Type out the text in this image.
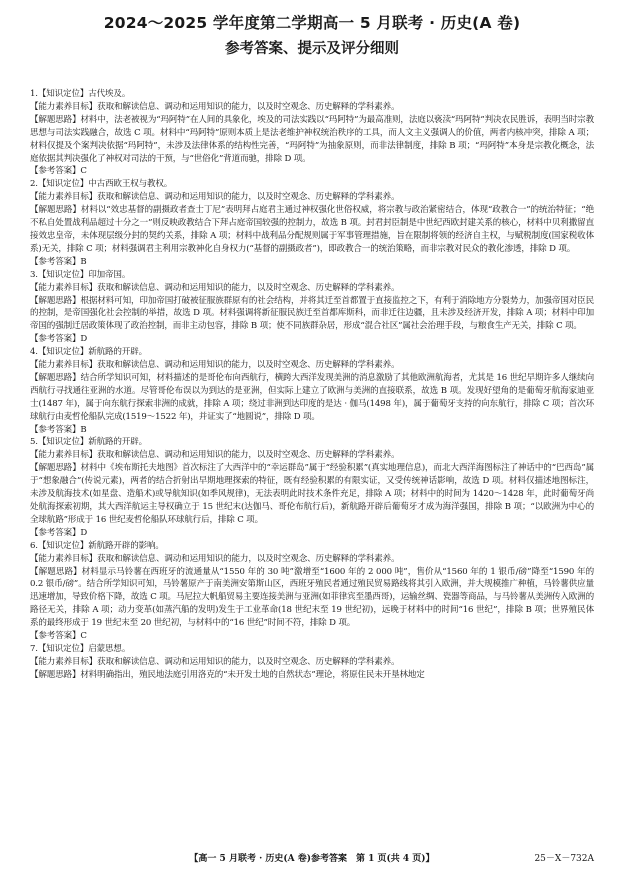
2024～2025 学年度第二学期高一 5 月联考 · 历史(A 卷)
参考答案、提示及评分细则

1.【知识定位】古代埃及。

【能力素养目标】获取和解读信息、调动和运用知识的能力，以及时空观念、历史解释的学科素养。

【解题思路】材料中，法老被视为“玛阿特”在人间的具象化，埃及的司法实践以“玛阿特”为最高准则，法庭以亵渎“玛阿特”判决农民胜诉，表明当时宗教思想与司法实践融合，故选 C 项。材料中“玛阿特”原则本质上是法老维护神权统治秩序的工具，而人文主义强调人的价值，两者内核冲突，排除 A 项；材料仅提及个案判决依据“玛阿特”，未涉及法律体系的结构性完善，“玛阿特”为抽象原则，而非法律制度，排除 B 项；“玛阿特”本身是宗教化概念，法庭依据其判决强化了神权对司法的干预，与“世俗化”背道而驰，排除 D 项。

【参考答案】C

2.【知识定位】中古西欧王权与教权。

【能力素养目标】获取和解读信息、调动和运用知识的能力，以及时空观念、历史解释的学科素养。

【解题思路】材料以“效忠基督的副摄政者查士丁尼”表明拜占庭君主通过神权强化世俗权威，将宗教与政治紧密结合，体现“政教合一”的统治特征；“绝不私自处置战利品超过十分之一”则反映政教结合下拜占庭帝国较强的控制力，故选 B 项。封君封臣制是中世纪西欧封建关系的核心，材料中贝利撒留直接效忠皇帝，未体现层级分封的契约关系，排除 A 项；材料中战利品分配规则属于军事管理措施，旨在限制将领的经济自主权，与赋税制度(国家税收体系)无关，排除 C 项；材料强调君主利用宗教神化自身权力(“基督的副摄政者”)，即政教合一的统治策略，而非宗教对民众的教化渗透，排除 D 项。

【参考答案】B

3.【知识定位】印加帝国。

【能力素养目标】获取和解读信息、调动和运用知识的能力，以及时空观念、历史解释的学科素养。

【解题思路】根据材料可知，印加帝国打破被征服族群原有的社会结构，并将其迁至首都置于直接监控之下，有利于消除地方分裂势力，加强帝国对臣民的控制，是帝国强化社会控制的举措，故选 D 项。材料强调将新征服民族迁至首都库斯科，而非迁往边疆，且未涉及经济开发，排除 A 项；材料中印加帝国的强制迁居政策体现了政治控制，而非主动包容，排除 B 项；使不同族群杂居，形成“混合社区”属社会治理手段，与粮食生产无关，排除 C 项。

【参考答案】D

4.【知识定位】新航路的开辟。

【能力素养目标】获取和解读信息、调动和运用知识的能力，以及时空观念、历史解释的学科素养。

【解题思路】结合所学知识可知，材料描述的是哥伦布向西航行，横跨大西洋发现美洲的消息激励了其他欧洲航海者，尤其是 16 世纪早期许多人继续向西航行寻找通往亚洲的水道。尽管哥伦布误以为到达的是亚洲，但实际上建立了欧洲与美洲的直接联系，故选 B 项。发现好望角的是葡萄牙航海家迪亚士(1487 年)，属于向东航行探索非洲的成就，排除 A 项；绕过非洲到达印度的是达 · 伽马(1498 年)，属于葡萄牙支持的向东航行，排除 C 项；首次环球航行由麦哲伦船队完成(1519～1522 年)，并证实了“地圆说”，排除 D 项。

【参考答案】B

5.【知识定位】新航路的开辟。

【能力素养目标】获取和解读信息、调动和运用知识的能力，以及时空观念、历史解释的学科素养。

【解题思路】材料中《埃布斯托夫地图》首次标注了大西洋中的“幸运群岛”属于“经验积累”(真实地理信息)，而北大西洋海图标注了神话中的“巴西岛”属于“想象融合”(传说元素)，两者的结合折射出早期地理探索的特征，既有经验积累的有限实证，又受传统神话影响，故选 D 项。材料仅描述地图标注，未涉及航海技术(如星盘、造船术)或导航知识(如季风规律)，无法表明此时技术条件充足，排除 A 项；材料中的时间为 1420～1428 年，此时葡萄牙尚处航海探索初期，其大西洋航运主导权确立于 15 世纪末(达伽马、哥伦布航行后)，新航路开辟后葡萄牙才成为海洋强国，排除 B 项；“以欧洲为中心的全球航路”形成于 16 世纪麦哲伦船队环球航行后，排除 C 项。

【参考答案】D

6.【知识定位】新航路开辟的影响。

【能力素养目标】获取和解读信息、调动和运用知识的能力，以及时空观念、历史解释的学科素养。

【解题思路】材料显示马铃薯在西班牙的流通量从“1550 年的 30 吨”激增至“1600 年的 2 000 吨”，售价从“1560 年的 1 银币/磅”降至“1590 年的 0.2 银币/磅”。结合所学知识可知，马铃薯原产于南美洲安第斯山区，西班牙殖民者通过殖民贸易路线将其引入欧洲，并大规模推广种植，马铃薯供应量迅速增加，导致价格下降，故选 C 项。马尼拉大帆船贸易主要连接美洲与亚洲(如菲律宾至墨西哥)，运输丝绸、瓷器等商品，与马铃薯从美洲传入欧洲的路径无关，排除 A 项；动力变革(如蒸汽船的发明)发生于工业革命(18 世纪末至 19 世纪初)，远晚于材料中的时间“16 世纪”，排除 B 项；世界殖民体系的最终形成于 19 世纪末至 20 世纪初，与材料中的“16 世纪”时间不符，排除 D 项。

【参考答案】C

7.【知识定位】启蒙思想。

【能力素养目标】获取和解读信息、调动和运用知识的能力，以及时空观念、历史解释的学科素养。

【解题思路】材料明确指出，殖民地法庭引用洛克的“未开发土地的自然状态”理论，将原住民未开垦林地定

【高一 5 月联考 · 历史(A 卷)参考答案　第 1 页(共 4 页)】	25－X－732A
